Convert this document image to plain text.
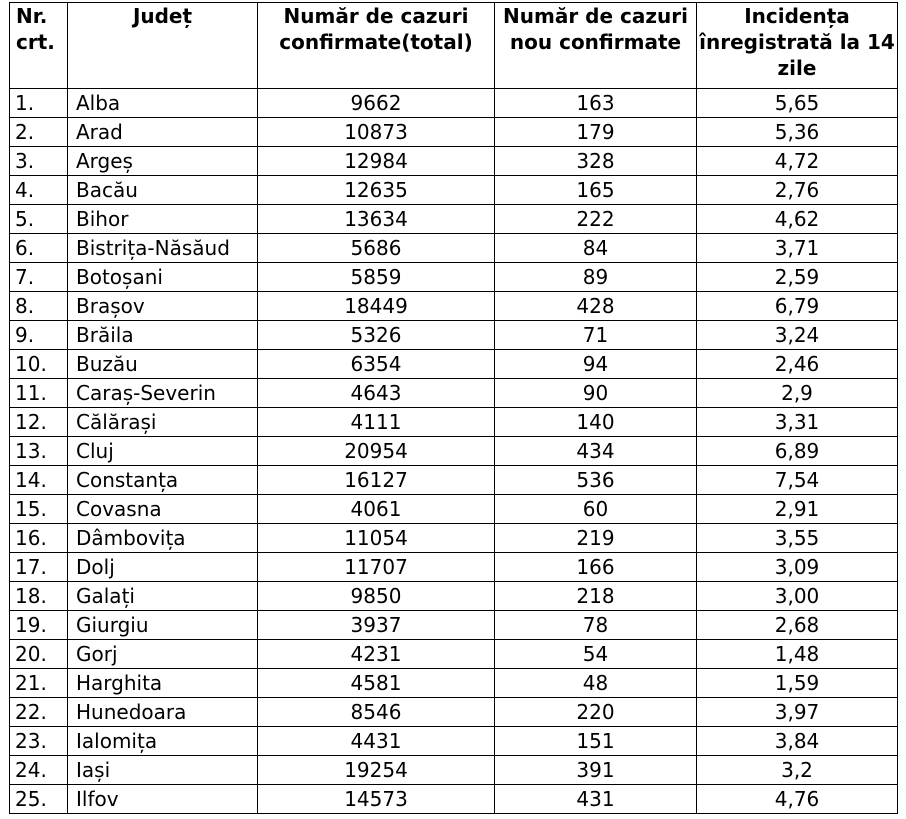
Nr. crt.	Județ	Număr de cazuri confirmate(total)	Număr de cazuri nou confirmate	Incidența înregistrată la 14 zile
1.	Alba	9662	163	5,65
2.	Arad	10873	179	5,36
3.	Argeș	12984	328	4,72
4.	Bacău	12635	165	2,76
5.	Bihor	13634	222	4,62
6.	Bistrița-Năsăud	5686	84	3,71
7.	Botoșani	5859	89	2,59
8.	Brașov	18449	428	6,79
9.	Brăila	5326	71	3,24
10.	Buzău	6354	94	2,46
11.	Caraș-Severin	4643	90	2,9
12.	Călărași	4111	140	3,31
13.	Cluj	20954	434	6,89
14.	Constanța	16127	536	7,54
15.	Covasna	4061	60	2,91
16.	Dâmbovița	11054	219	3,55
17.	Dolj	11707	166	3,09
18.	Galați	9850	218	3,00
19.	Giurgiu	3937	78	2,68
20.	Gorj	4231	54	1,48
21.	Harghita	4581	48	1,59
22.	Hunedoara	8546	220	3,97
23.	Ialomița	4431	151	3,84
24.	Iași	19254	391	3,2
25.	Ilfov	14573	431	4,76
